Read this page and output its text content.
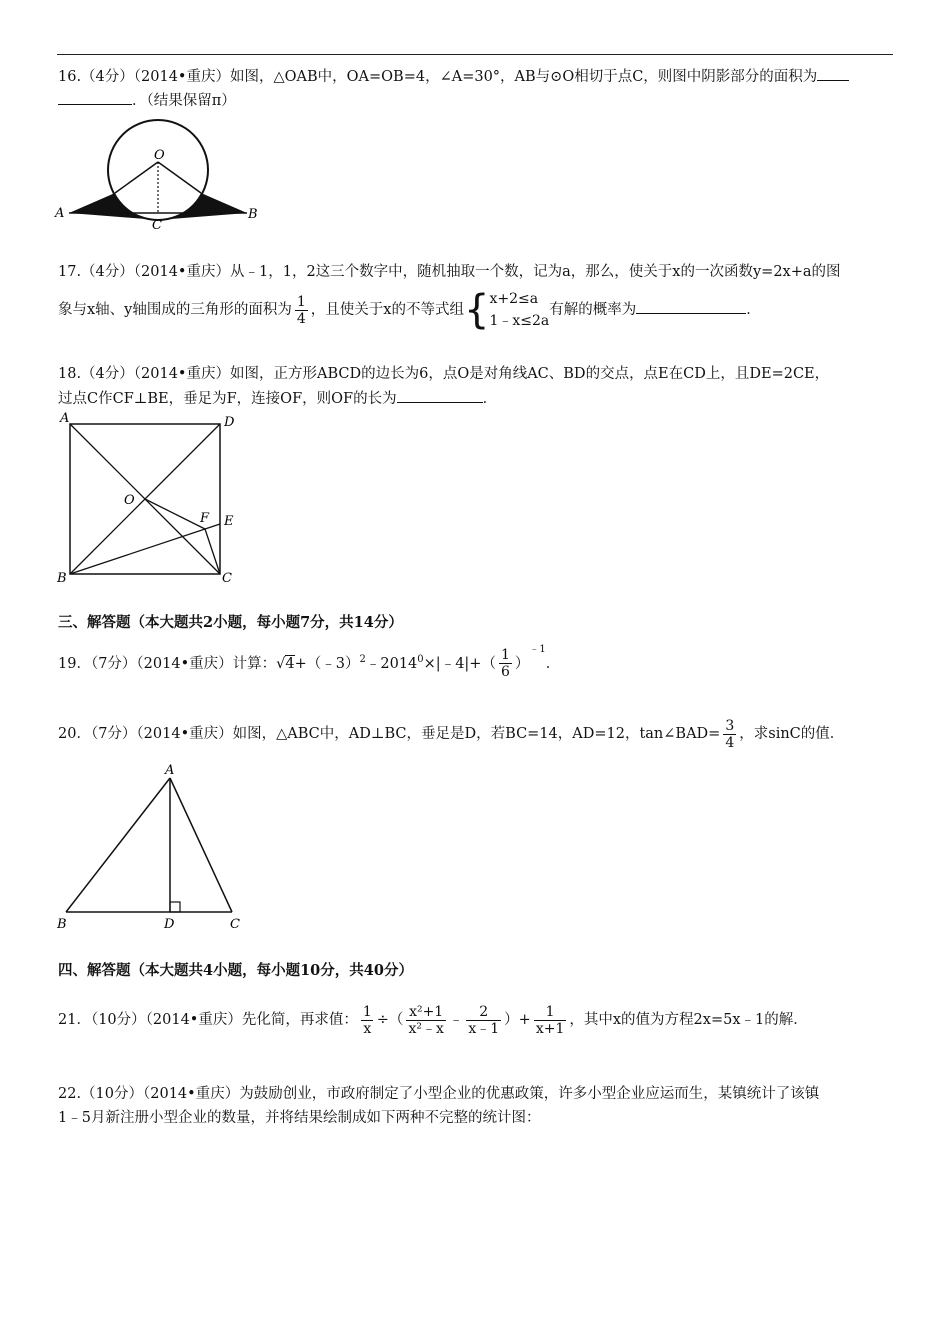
16.（4分）（2014•重庆）如图，△OAB中，OA=OB=4，∠A=30°，AB与⊙O相切于点C，则图中阴影部分的面积为
．（结果保留π）
O
A	B
C
17.（4分）（2014•重庆）从﹣1，1，2这三个数字中，随机抽取一个数，记为a，那么，使关于x的一次函数y=2x+a的图
象与x轴、y轴围成的三角形的面积为 $\frac{1}{4}$ ，且使关于x的不等式组 { x+2≤a
1﹣x≤2a
有解的概率为	．
18.（4分）（2014•重庆）如图，正方形ABCD的边长为6，点O是对角线AC、BD的交点，点E在CD上，且DE=2CE，
过点C作CF⊥BE，垂足为F，连接OF，则OF的长为	．
A	D
O
F E
B	C
三、解答题（本大题共2小题，每小题7分，共14分）
19．（7分）（2014•重庆）计算：$√4+(﹣3)^2﹣2014^0\times|﹣4|+( \frac{1}{6} )^{﹣1}$．
20．（7分）（2014•重庆）如图，△ABC中，AD⊥BC，垂足是D，若BC=14，AD=12，tan∠BAD= $\frac{3}{4}$ ，求sinC的值．
A
B	D	C
四、解答题（本大题共4小题，每小题10分，共40分）
21．（10分）（2014•重庆）先化简，再求值： $\frac{1}{x}$ ÷（ $\frac{\text{x²+1}}{\text{x²﹣x}}$ ﹣ $\frac{2}{x﹣1}$ ）+ $\frac{1}{x+1}$ ，其中x的值为方程2x=5x﹣1的解．
22.（10分）（2014•重庆）为鼓励创业，市政府制定了小型企业的优惠政策，许多小型企业应运而生，某镇统计了该镇
1﹣5月新注册小型企业的数量，并将结果绘制成如下两种不完整的统计图：
